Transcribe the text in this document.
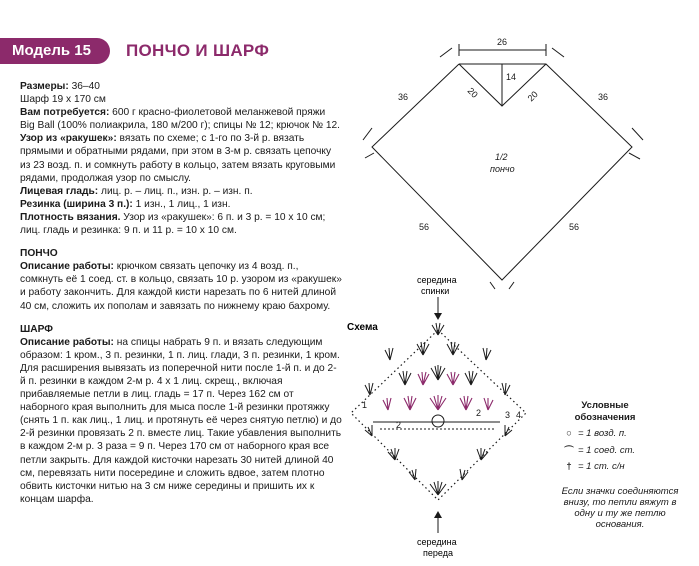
Модель 15	ПОНЧО И ШАРФ

Размеры: 36–40

Шарф 19 x 170 см

Вам потребуется: 600 г красно-фиолетовой меланжевой пряжи Big Ball (100% полиакрила, 180 м/200 г); спицы № 12; крючок № 12.

Узор из «ракушек»: вязать по схеме; с 1-го по 3-й р. вязать прямыми и обратными рядами, при этом в 3-м р. связать цепочку из 23 возд. п. и сомкнуть работу в кольцо, затем вязать круговыми рядами, продолжая узор по смыслу.

Лицевая гладь: лиц. р. – лиц. п., изн. р. – изн. п.

Резинка (ширина 3 п.): 1 изн., 1 лиц., 1 изн.

Плотность вязания. Узор из «ракушек»: 6 п. и 3 р. = 10 x 10 см; лиц. гладь и резинка: 9 п. и 11 р. = 10 x 10 см.

ПОНЧО

Описание работы: крючком связать цепочку из 4 возд. п., сомкнуть её 1 соед. ст. в кольцо, связать 10 р. узором из «ракушек» и работу закончить. Для каждой кисти нарезать по 6 нитей длиной 40 см, сложить их пополам и завязать по нижнему краю бахрому.

ШАРФ

Описание работы: на спицы набрать 9 п. и вязать следующим образом: 1 кром., 3 п. резинки, 1 п. лиц. глади, 3 п. резинки, 1 кром. Для расширения вывязать из поперечной нити после 1-й п. и до 2-й п. резинки в каждом 2-м р. 4 x 1 лиц. скрещ., включая прибавляемые петли в лиц. гладь = 17 п. Через 162 см от наборного края выполнить для мыса после 1-й резинки протяжку (снять 1 п. как лиц., 1 лиц. и протянуть её через снятую петлю) и до 2-й резинки провязать 2 п. вместе лиц. Такие убавления выполнить в каждом 2-м р. 3 раза = 9 п. Через 170 см от наборного края все петли закрыть. Для каждой кисточки нарезать 30 нитей длиной 40 см, перевязать нити посередине и сложить вдвое, затем плотно обвить кисточки нитью на 3 см ниже середины и пришить их к концам шарфа.

26
14
20	20
36	36
56	56
1/2
пончо
Схема
середина
спинки
середина
переда
1
2
2	3 4
Условные
обозначения
○ = 1 возд. п.
⌒ = 1 соед. ст.
† = 1 ст. с/н
Если значки соединяются внизу, то петли вяжут в одну и ту же петлю основания.
